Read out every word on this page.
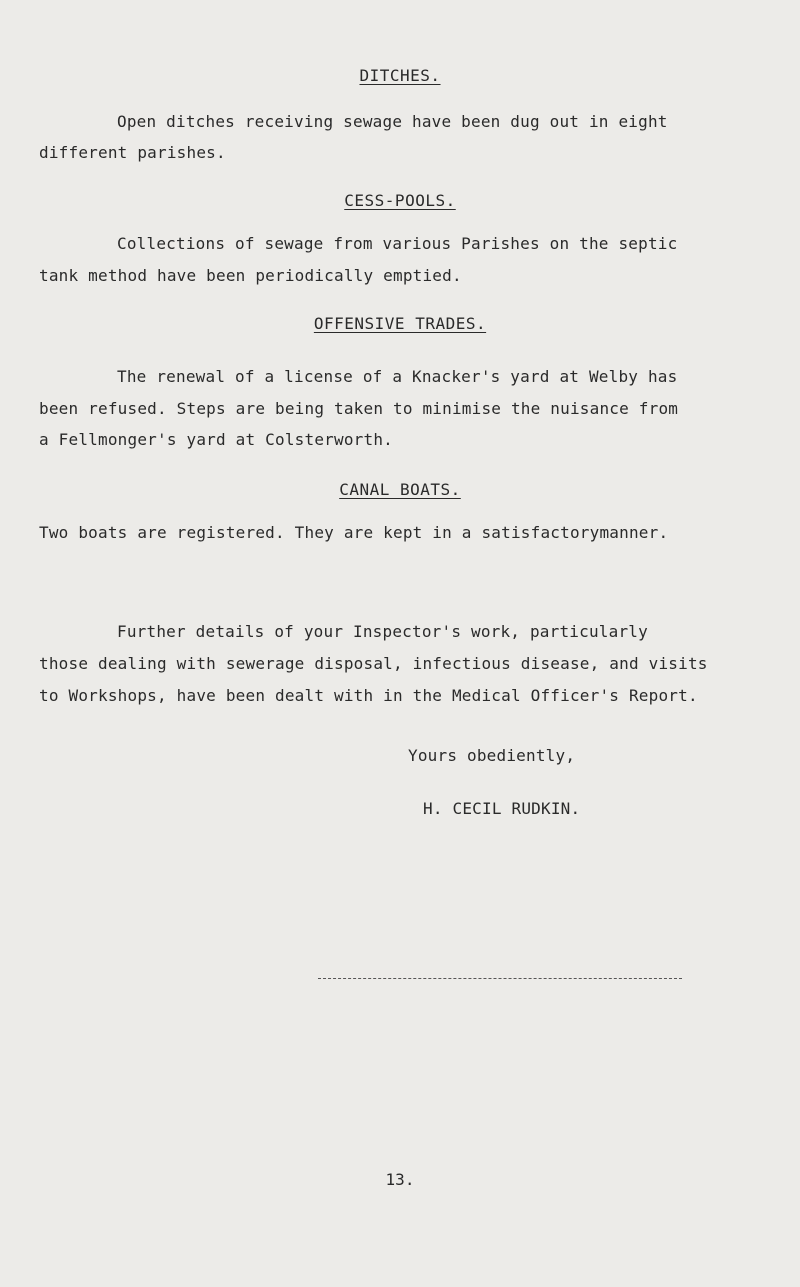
DITCHES.
Open ditches receiving sewage have been dug out in eight
different parishes.
CESS-POOLS.
Collections of sewage from various Parishes on the septic
tank method have been periodically emptied.
OFFENSIVE TRADES.
The renewal of a license of a Knacker's yard at Welby has
been refused. Steps are being taken to minimise the nuisance from
a Fellmonger's yard at Colsterworth.
CANAL BOATS.
Two boats are registered. They are kept in a satisfactorymanner.
Further details of your Inspector's work, particularly
those dealing with sewerage disposal, infectious disease, and visits
to Workshops, have been dealt with in the Medical Officer's Report.
Yours obediently,
H. CECIL RUDKIN.
13.
